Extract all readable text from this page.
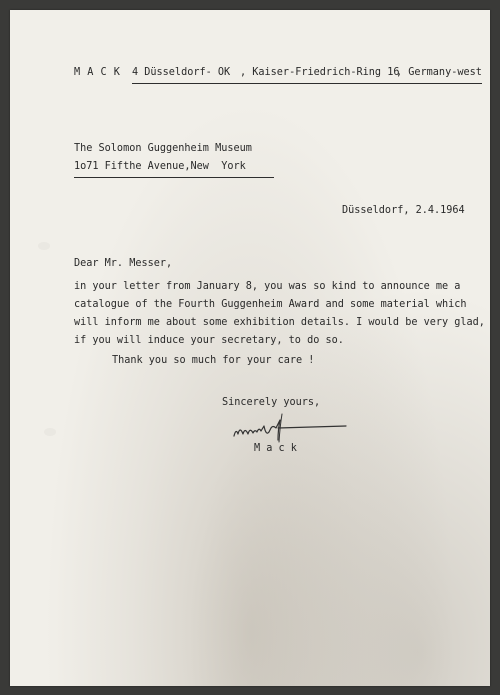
M A C K 4 Düsseldorf- OK , Kaiser-Friedrich-Ring 16
, Germany-west
The Solomon Guggenheim Museum
1o71 Fifthe Avenue,New  York
Düsseldorf, 2.4.1964
Dear Mr. Messer,
in your letter from January 8, you was so kind to announce me a
catalogue of the Fourth Guggenheim Award and some material which
will inform me about some exhibition details. I would be very glad,
if you will induce your secretary, to do so.
Thank you so much for your care !
Sincerely yours,
M a c k
